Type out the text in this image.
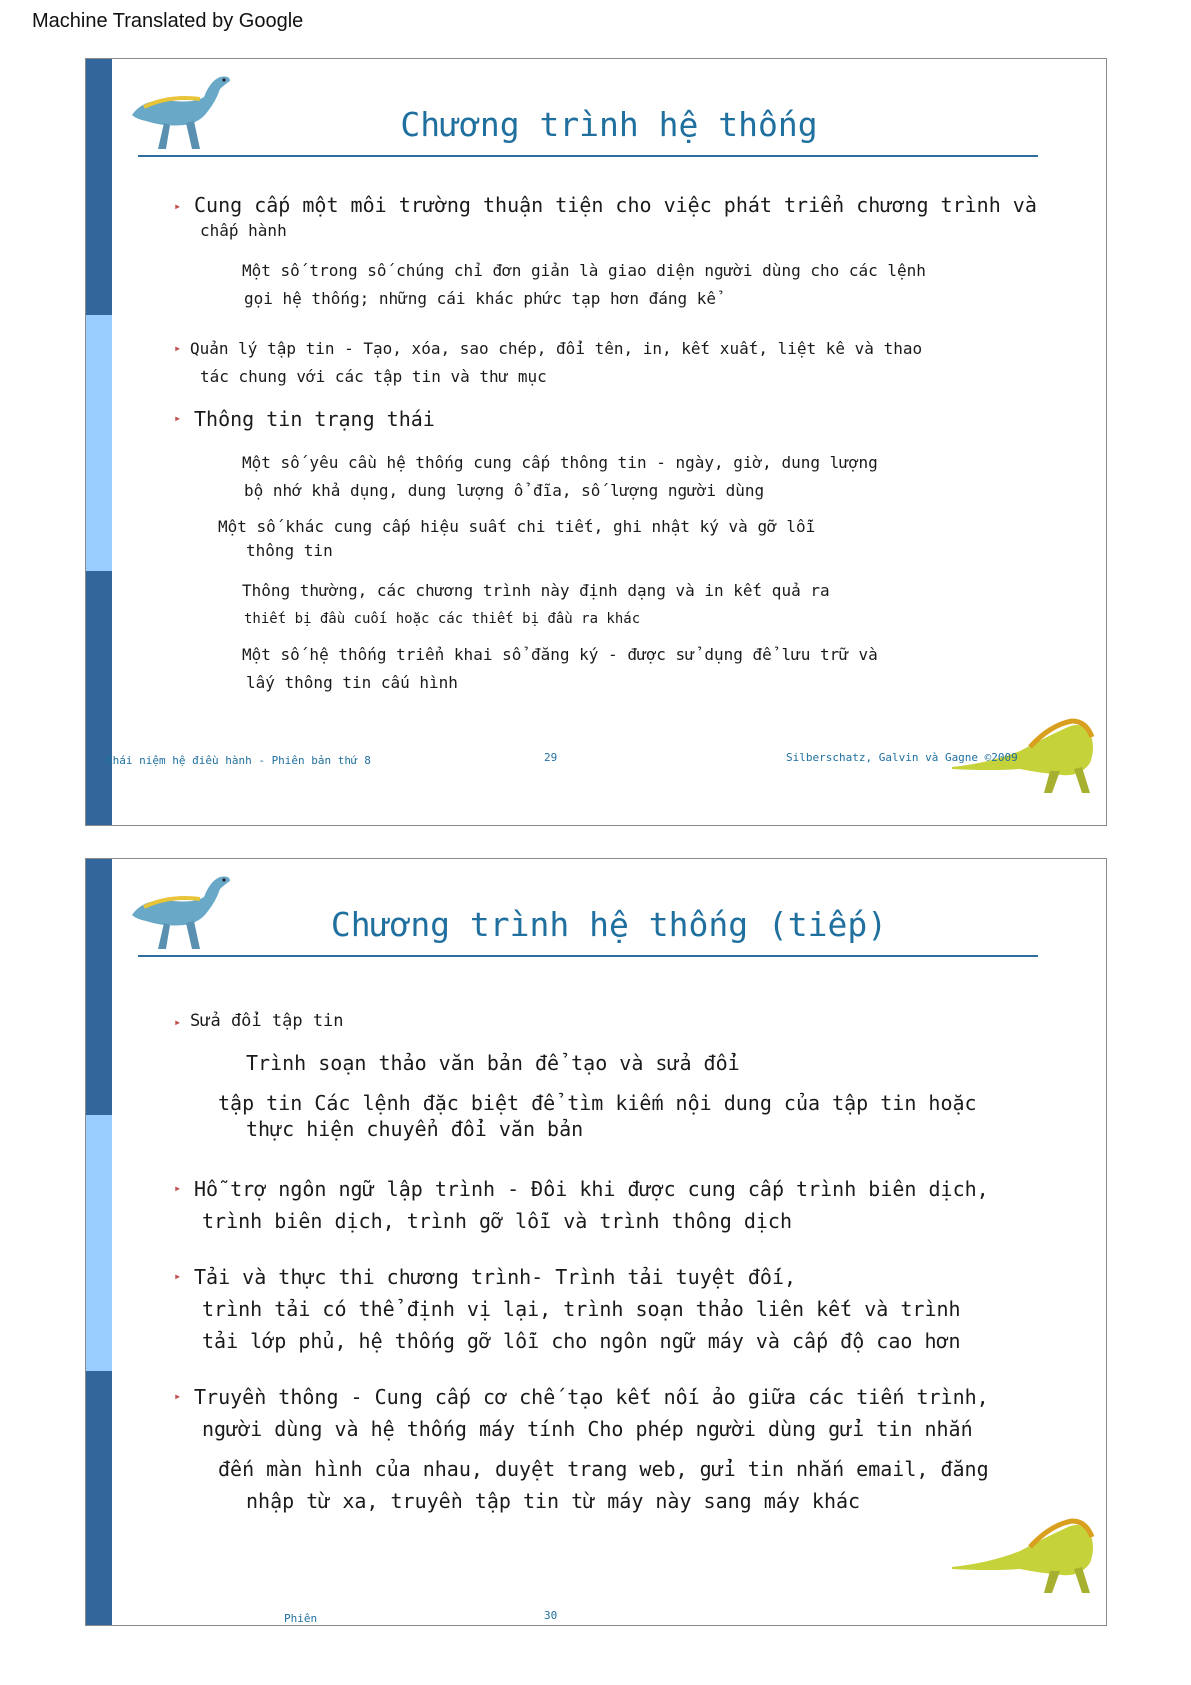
Machine Translated by Google
Chương trình hệ thống
▸ Cung cấp một môi trường thuận tiện cho việc phát triển chương trình và
chấp hành
Một số trong số chúng chỉ đơn giản là giao diện người dùng cho các lệnh
gọi hệ thống; những cái khác phức tạp hơn đáng kể
▸ Quản lý tập tin - Tạo, xóa, sao chép, đổi tên, in, kết xuất, liệt kê và thao
tác chung với các tập tin và thư mục
▸ Thông tin trạng thái
Một số yêu cầu hệ thống cung cấp thông tin - ngày, giờ, dung lượng
bộ nhớ khả dụng, dung lượng ổ đĩa, số lượng người dùng
Một số khác cung cấp hiệu suất chi tiết, ghi nhật ký và gỡ lỗi
thông tin
Thông thường, các chương trình này định dạng và in kết quả ra
thiết bị đầu cuối hoặc các thiết bị đầu ra khác
Một số hệ thống triển khai sổ đăng ký - được sử dụng để lưu trữ và
lấy thông tin cấu hình
Khái niệm hệ điều hành - Phiên bản thứ 8	29	Silberschatz, Galvin và Gagne ©2009
Chương trình hệ thống (tiếp)
▸ Sửa đổi tập tin
Trình soạn thảo văn bản để tạo và sửa đổi
tập tin Các lệnh đặc biệt để tìm kiếm nội dung của tập tin hoặc
thực hiện chuyển đổi văn bản
▸ Hỗ trợ ngôn ngữ lập trình - Đôi khi được cung cấp trình biên dịch,
trình biên dịch, trình gỡ lỗi và trình thông dịch
▸ Tải và thực thi chương trình- Trình tải tuyệt đối,
trình tải có thể định vị lại, trình soạn thảo liên kết và trình
tải lớp phủ, hệ thống gỡ lỗi cho ngôn ngữ máy và cấp độ cao hơn
▸ Truyền thông - Cung cấp cơ chế tạo kết nối ảo giữa các tiến trình,
người dùng và hệ thống máy tính Cho phép người dùng gửi tin nhắn
đến màn hình của nhau, duyệt trang web, gửi tin nhắn email, đăng
nhập từ xa, truyền tập tin từ máy này sang máy khác
Phiên	30
